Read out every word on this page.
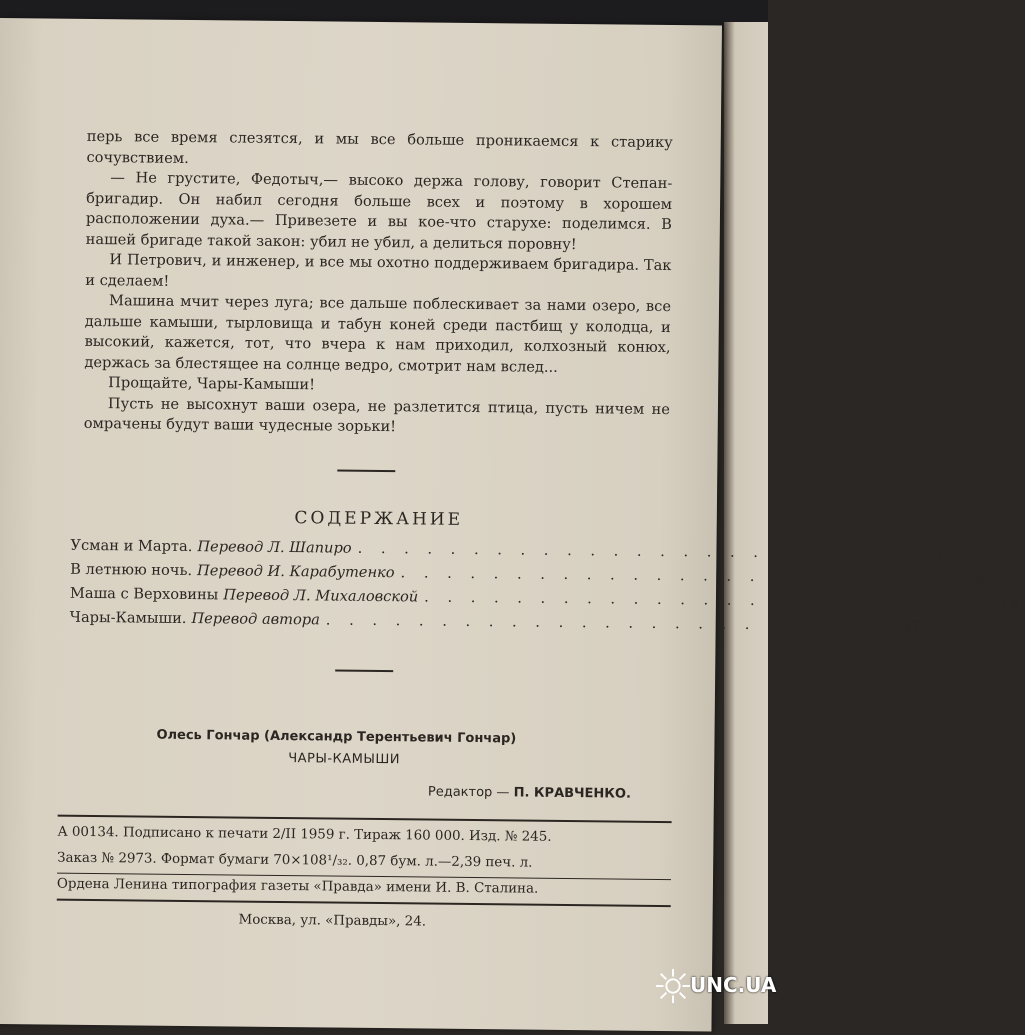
перь все время слезятся, и мы все больше проникаемся к старику сочувствием.

— Не грустите, Федотыч,— высоко держа голову, говорит Степан-бригадир. Он набил сегодня больше всех и поэтому в хорошем расположении духа.— Привезете и вы кое-что старухе: поделимся. В нашей бригаде такой закон: убил не убил, а делиться поровну!

И Петрович, и инженер, и все мы охотно поддерживаем бригадира. Так и сделаем!

Машина мчит через луга; все дальше поблескивает за нами озеро, все дальше камыши, тырловища и табун коней среди пастбищ у колодца, и высокий, кажется, тот, что вчера к нам приходил, колхозный конюх, держась за блестящее на солнце ведро, смотрит нам вслед...

Прощайте, Чары-Камыши!

Пусть не высохнут ваши озера, не разлетится птица, пусть ничем не омрачены будут ваши чудесные зорьки!

СОДЕРЖАНИЕ
Усман и Марта. Перевод Л. Шапиро . . . . . . . . . . . . . . . . . . . . . . . . . 3
В летнюю ночь. Перевод И. Карабутенко . . . . . . . . . . . . . . . . . . . . . . . . . 8
Маша с Верховины Перевод Л. Михаловской . . . . . . . . . . . . . . . . . . . . . . . . . 14
Чары-Камыши. Перевод автора . . . . . . . . . . . . . . . . . . . . . . . . . 37
Олесь Гончар (Александр Терентьевич Гончар)
ЧАРЫ-КАМЫШИ
Редактор — П. КРАВЧЕНКО.
А 00134. Подписано к печати 2/II 1959 г. Тираж 160 000. Изд. № 245.
Заказ № 2973. Формат бумаги 70×108¹/₃₂. 0,87 бум. л.—2,39 печ. л.
Ордена Ленина типография газеты «Правда» имени И. В. Сталина.
Москва, ул. «Правды», 24.
UNC.UA
